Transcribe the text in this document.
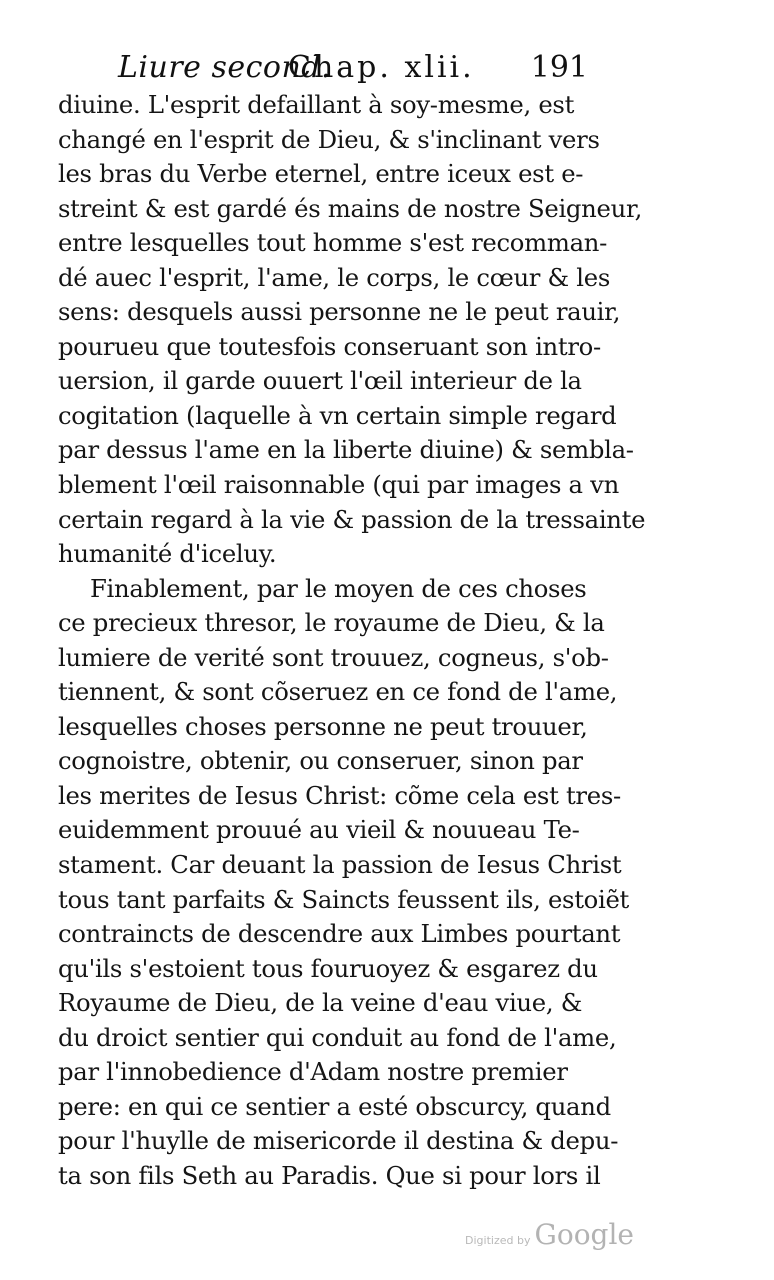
Liure second.
Chap. xlii. 191
diuine. L'esprit defaillant à soy-mesme, est
changé en l'esprit de Dieu, & s'inclinant vers
les bras du Verbe eternel, entre iceux est e-
streint & est gardé és mains de nostre Seigneur,
entre lesquelles tout homme s'est recomman-
dé auec l'esprit, l'ame, le corps, le cœur & les
sens: desquels aussi personne ne le peut rauir,
pourueu que toutesfois conseruant son intro-
uersion, il garde ouuert l'œil interieur de la
cogitation (laquelle à vn certain simple regard
par dessus l'ame en la liberte diuine) & sembla-
blement l'œil raisonnable (qui par images a vn
certain regard à la vie & passion de la tressainte
humanité d'iceluy.
Finablement, par le moyen de ces choses
ce precieux thresor, le royaume de Dieu, & la
lumiere de verité sont trouuez, cogneus, s'ob-
tiennent, & sont cõseruez en ce fond de l'ame,
lesquelles choses personne ne peut trouuer,
cognoistre, obtenir, ou conseruer, sinon par
les merites de Iesus Christ: cõme cela est tres-
euidemment prouué au vieil & nouueau Te-
stament. Car deuant la passion de Iesus Christ
tous tant parfaits & Saincts feussent ils, estoiẽt
contraincts de descendre aux Limbes pourtant
qu'ils s'estoient tous fouruoyez & esgarez du
Royaume de Dieu, de la veine d'eau viue, &
du droict sentier qui conduit au fond de l'ame,
par l'innobedience d'Adam nostre premier
pere: en qui ce sentier a esté obscurcy, quand
pour l'huylle de misericorde il destina & depu-
ta son fils Seth au Paradis. Que si pour lors il
Digitized by Google
